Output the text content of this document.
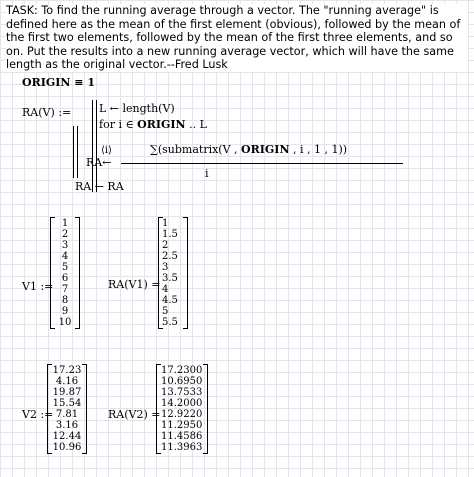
TASK: To find the running average through a vector. The "running average" is defined here as the mean of the first element (obvious), followed by the mean of the first two elements, followed by the mean of the first three elements, and so on. Put the results into a new running average vector, which will have the same length as the original vector.--Fred Lusk
ORIGIN ≡ 1
RA(V) :=	L ← length(V)
for i ∈ ORIGIN .. L
∑(submatrix(V , ORIGIN , i , 1 , 1))
i
RA←
⟨i⟩
RA ← RA
V1 :=
1
2
3
4
5
6
7
8
9
10
RA(V1) =
1
1.5
2
2.5
3
3.5
4
4.5
5
5.5
V2 :=
17.23
4.16
19.87
15.54
7.81
3.16
12.44
10.96
RA(V2) =
17.2300
10.6950
13.7533
14.2000
12.9220
11.2950
11.4586
11.3963
